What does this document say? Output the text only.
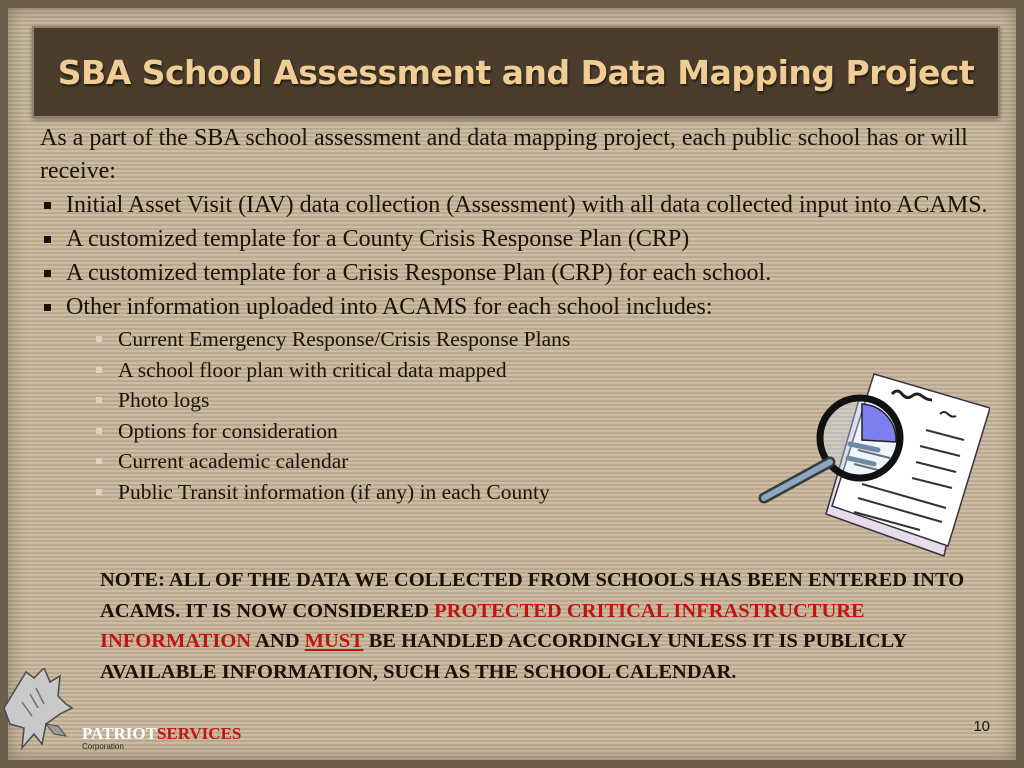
SBA School Assessment and Data Mapping Project

As a part of the SBA school assessment and data mapping project, each public school has or will receive:

Initial Asset Visit (IAV) data collection (Assessment) with all data collected input into ACAMS.
A customized template for a County Crisis Response Plan (CRP)
A customized template for a Crisis Response Plan (CRP) for each school.
Other information uploaded into ACAMS for each school includes:
Current Emergency Response/Crisis Response Plans
A school floor plan with critical data mapped
Photo logs
Options for consideration
Current academic calendar
Public Transit information (if any) in each County

NOTE: ALL OF THE DATA WE COLLECTED FROM SCHOOLS HAS BEEN ENTERED INTO ACAMS. IT IS NOW CONSIDERED PROTECTED CRITICAL INFRASTRUCTURE INFORMATION AND MUST BE HANDLED ACCORDINGLY UNLESS IT IS PUBLICLY AVAILABLE INFORMATION, SUCH AS THE SCHOOL CALENDAR.

PATRIOTSERVICES
Corporation
10
